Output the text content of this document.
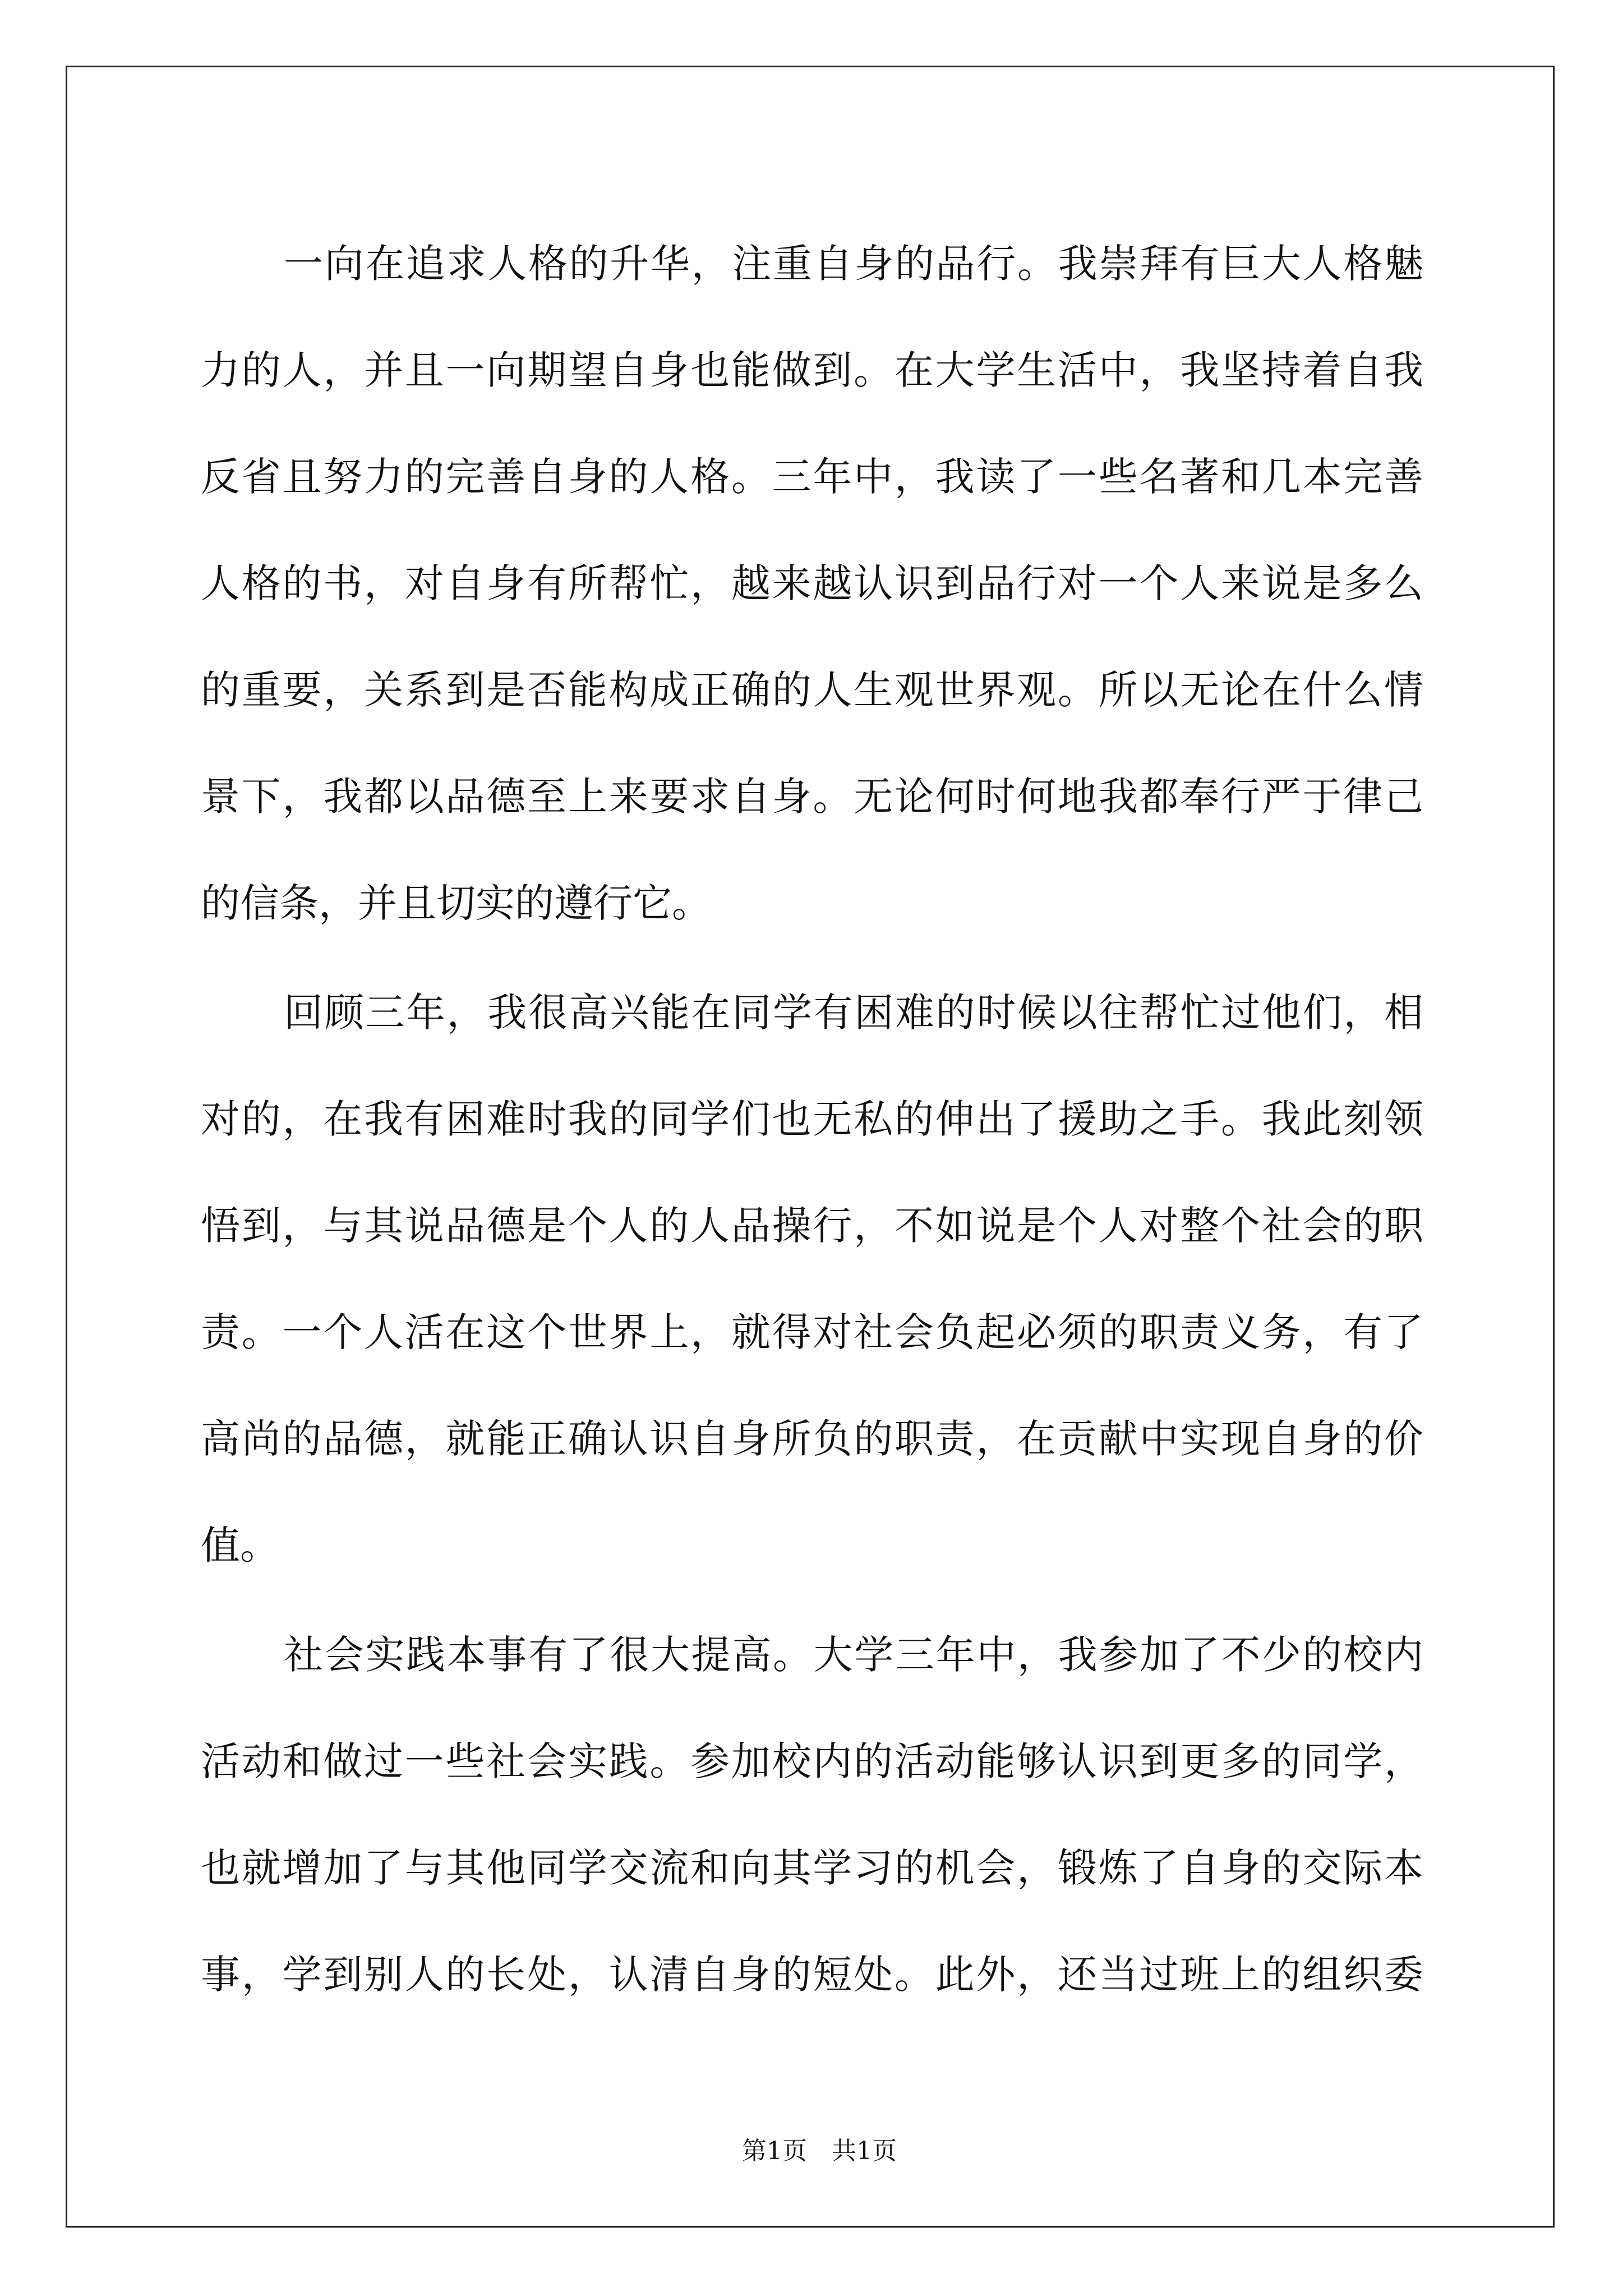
一向在追求人格的升华，注重自身的品行。我崇拜有巨大人格魅
力的人，并且一向期望自身也能做到。在大学生活中，我坚持着自我
反省且努力的完善自身的人格。三年中，我读了一些名著和几本完善
人格的书，对自身有所帮忙，越来越认识到品行对一个人来说是多么
的重要，关系到是否能构成正确的人生观世界观。所以无论在什么情
景下，我都以品德至上来要求自身。无论何时何地我都奉行严于律己
的信条，并且切实的遵行它。
回顾三年，我很高兴能在同学有困难的时候以往帮忙过他们，相
对的，在我有困难时我的同学们也无私的伸出了援助之手。我此刻领
悟到，与其说品德是个人的人品操行，不如说是个人对整个社会的职
责。一个人活在这个世界上，就得对社会负起必须的职责义务，有了
高尚的品德，就能正确认识自身所负的职责，在贡献中实现自身的价
值。
社会实践本事有了很大提高。大学三年中，我参加了不少的校内
活动和做过一些社会实践。参加校内的活动能够认识到更多的同学，
也就增加了与其他同学交流和向其学习的机会，锻炼了自身的交际本
事，学到别人的长处，认清自身的短处。此外，还当过班上的组织委

第1页　共1页
